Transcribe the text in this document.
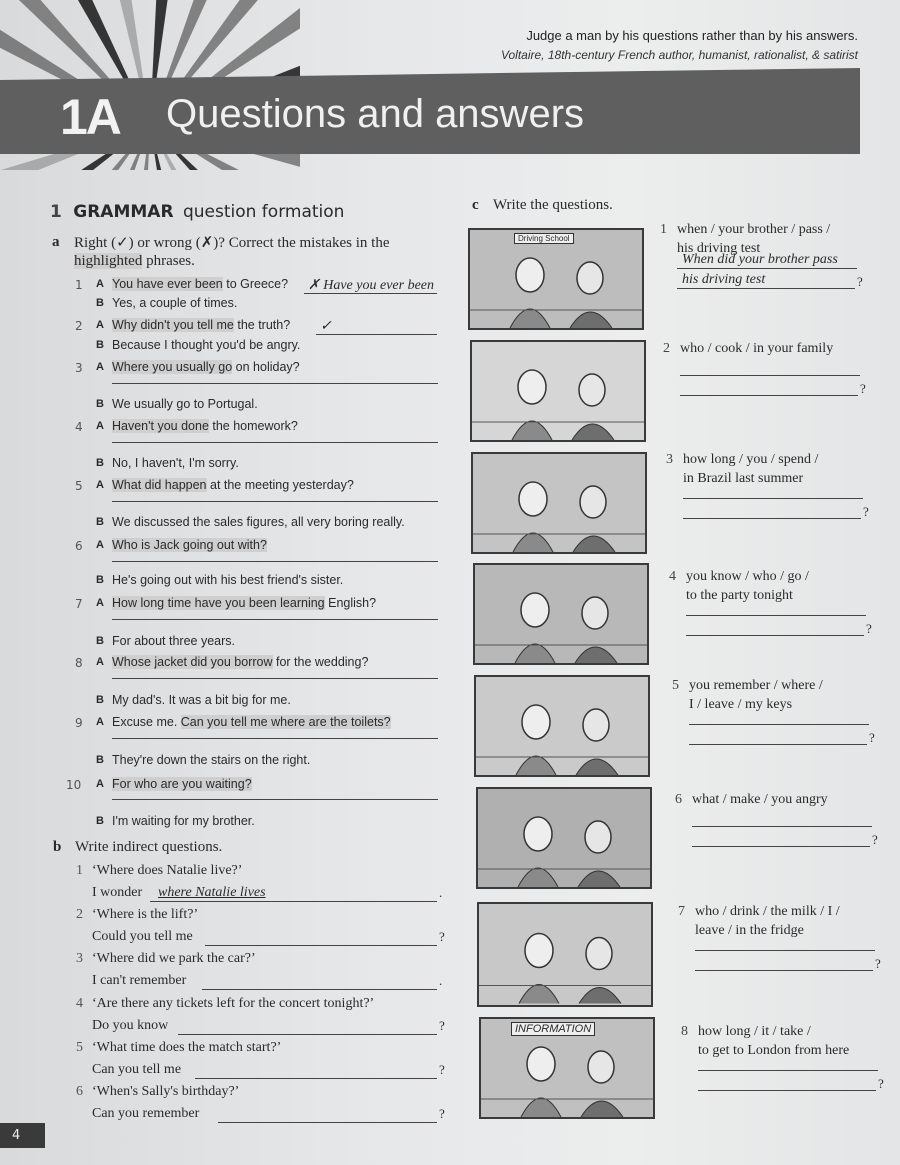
1A Questions and answers
Judge a man by his questions rather than by his answers.
Voltaire, 18th-century French author, humanist, rationalist, & satirist
1 GRAMMAR question formation
a Right (✓) or wrong (✗)? Correct the mistakes in the
highlighted phrases.
1 A You have ever been to Greece? ✗ Have you ever been
B Yes, a couple of times.
2 A Why didn't you tell me the truth? ✓
B Because I thought you'd be angry.
3 A Where you usually go on holiday?
B We usually go to Portugal.
4 A Haven't you done the homework?
B No, I haven't, I'm sorry.
5 A What did happen at the meeting yesterday?
B We discussed the sales figures, all very boring really.
6 A Who is Jack going out with?
B He's going out with his best friend's sister.
7 A How long time have you been learning English?
B For about three years.
8 A Whose jacket did you borrow for the wedding?
B My dad's. It was a bit big for me.
9 A Excuse me. Can you tell me where are the toilets?
B They're down the stairs on the right.
10 A For who are you waiting?
B I'm waiting for my brother.
b Write indirect questions.
1 ‘Where does Natalie live?’
I wonder where Natalie lives	.
2 ‘Where is the lift?’
Could you tell me	?
3 ‘Where did we park the car?’
I can't remember	.
4 ‘Are there any tickets left for the concert tonight?’
Do you know	?
5 ‘What time does the match start?’
Can you tell me	?
6 ‘When's Sally's birthday?’
Can you remember	?
c Write the questions.
Driving School
1 when / your brother / pass /
his driving test
When did your brother pass
his driving test	?
2 who / cook / in your family
?
3 how long / you / spend /
in Brazil last summer
?
4 you know / who / go /
to the party tonight
?
5 you remember / where /
I / leave / my keys
?
6 what / make / you angry
?
7 who / drink / the milk / I /
leave / in the fridge
?
INFORMATION	8 how long / it / take /
to get to London from here
?
4
